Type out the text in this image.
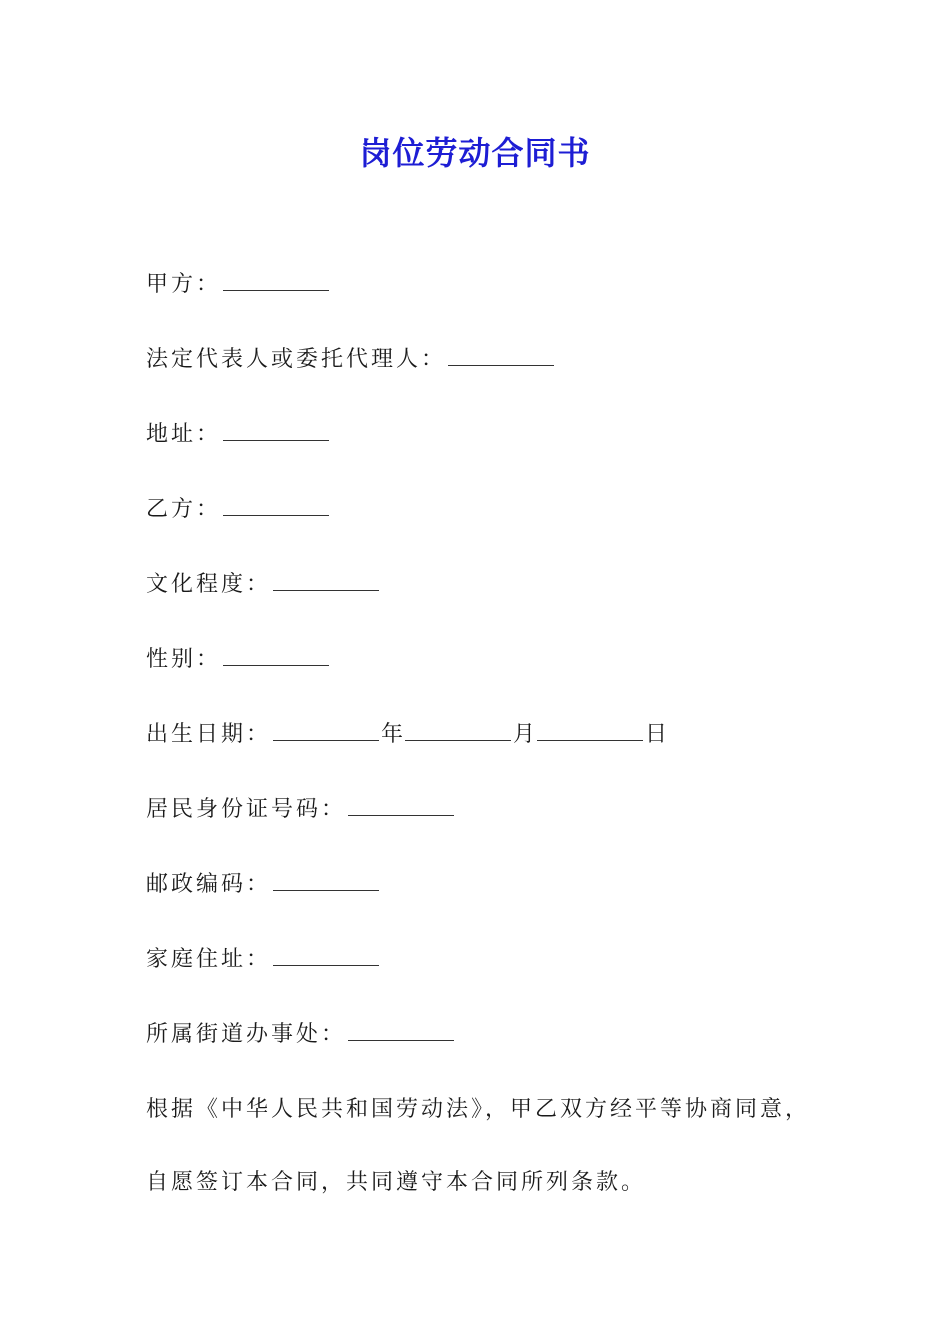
岗位劳动合同书
甲方：
法定代表人或委托代理人：
地址：
乙方：
文化程度：
性别：
出生日期：	年	月	日
居民身份证号码：
邮政编码：
家庭住址：
所属街道办事处：
根据《中华人民共和国劳动法》，甲乙双方经平等协商同意，
自愿签订本合同，共同遵守本合同所列条款。
